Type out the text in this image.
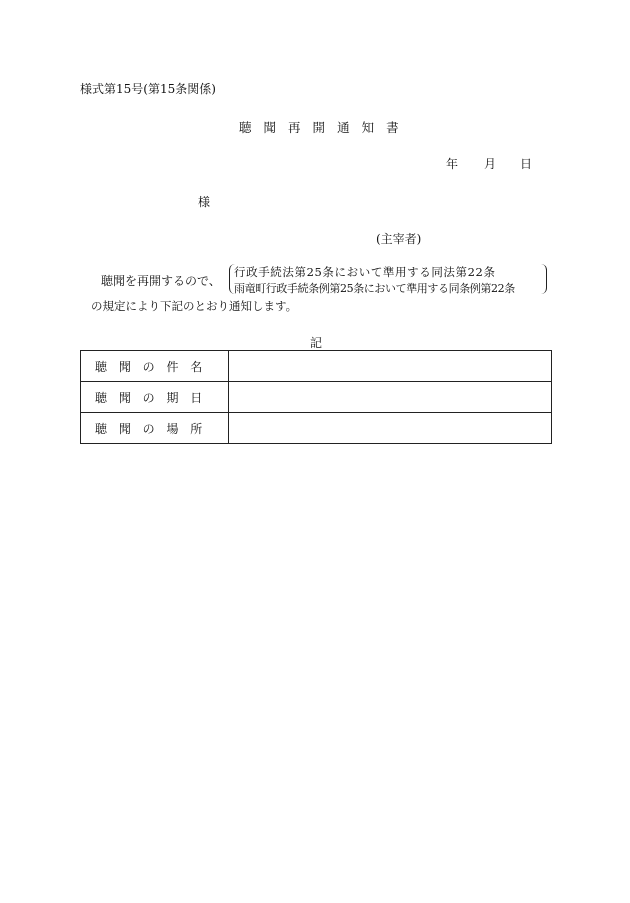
様式第15号(第15条関係)
聴 聞 再 開 通 知 書
年 月 日
様
(主宰者)
聴聞を再開するので、
行政手続法第25条において準用する同法第22条
雨竜町行政手続条例第25条において準用する同条例第22条
の規定により下記のとおり通知します。
記
聴 聞 の 件 名	
聴 聞 の 期 日	
聴 聞 の 場 所	
